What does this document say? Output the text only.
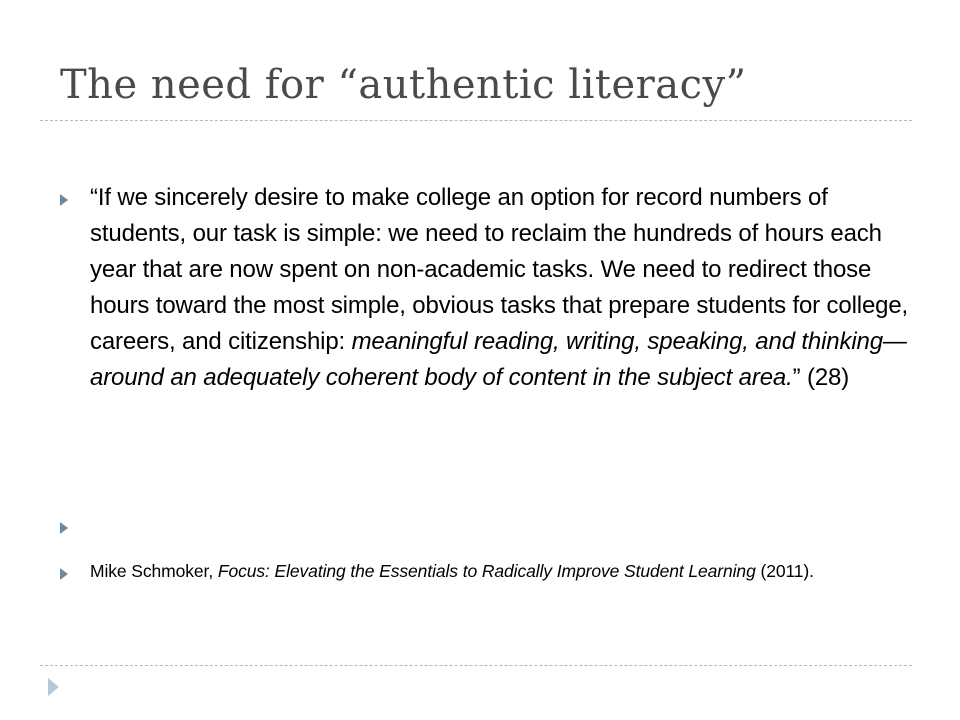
The need for “authentic literacy”
“If we sincerely desire to make college an option for record numbers of students, our task is simple: we need to reclaim the hundreds of hours each year that are now spent on non-academic tasks. We need to redirect those hours toward the most simple, obvious tasks that prepare students for college, careers, and citizenship: meaningful reading, writing, speaking, and thinking—around an adequately coherent body of content in the subject area.” (28)
Mike Schmoker, Focus: Elevating the Essentials to Radically Improve Student Learning (2011).
